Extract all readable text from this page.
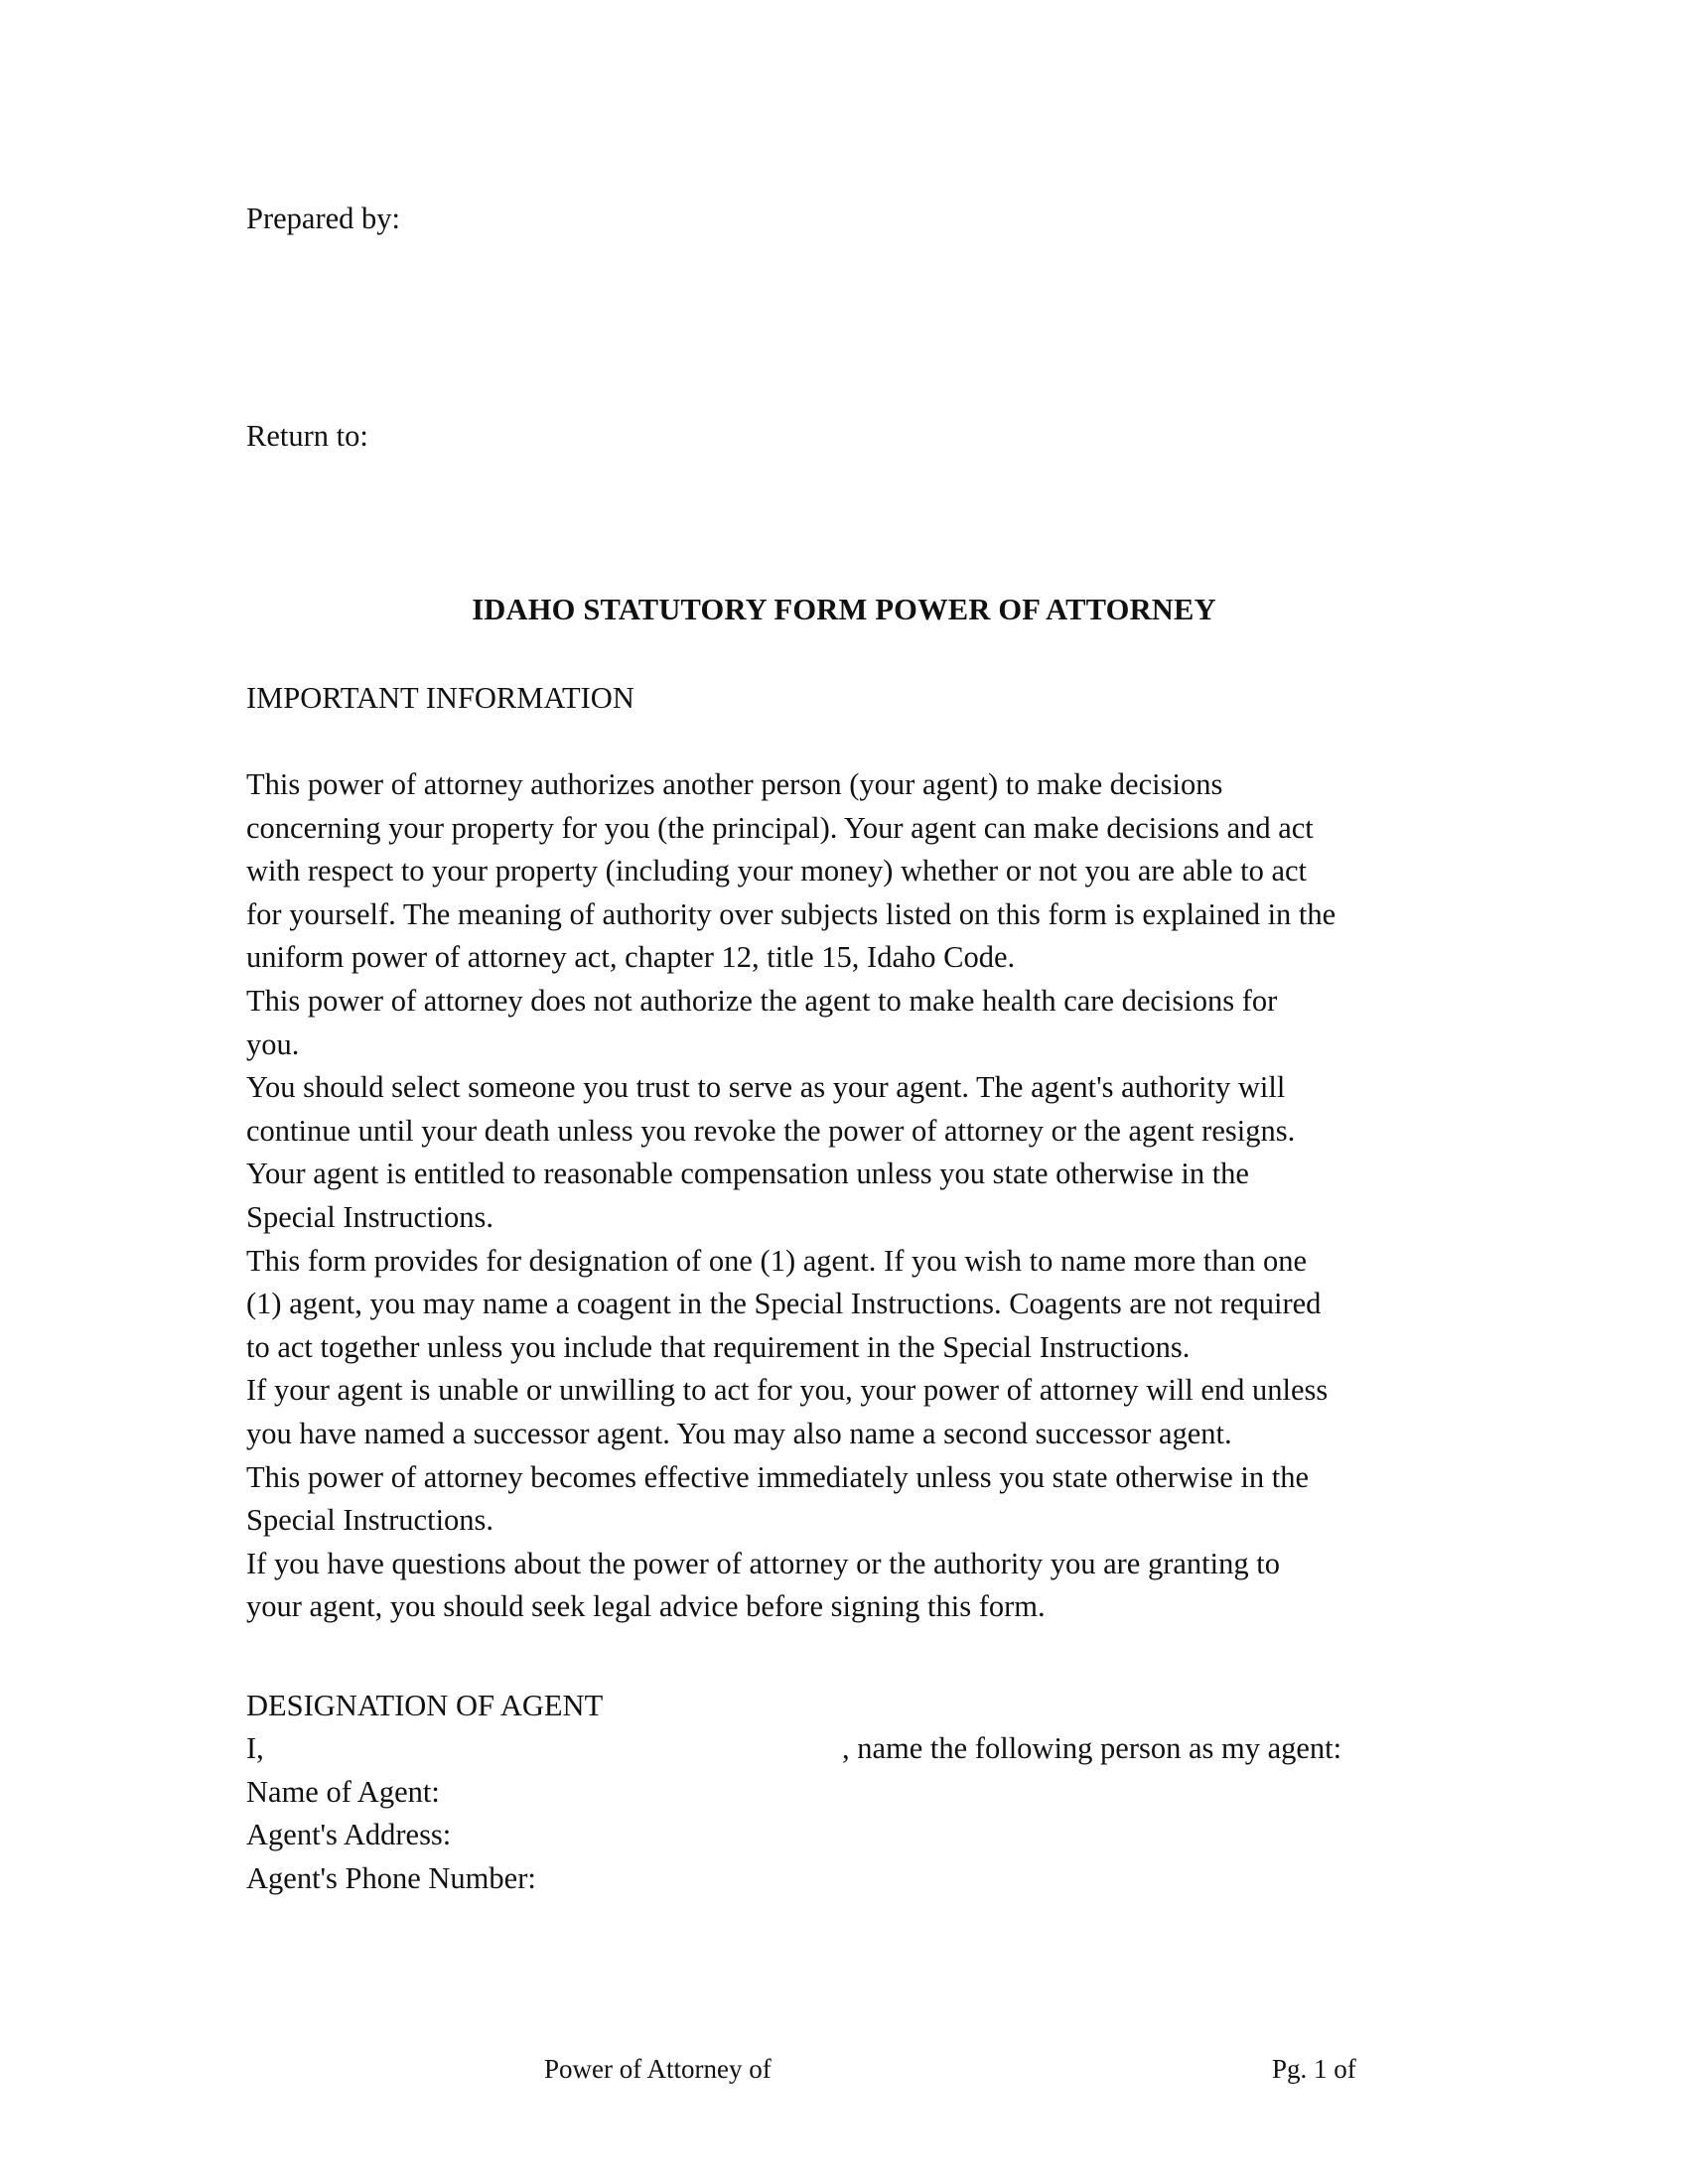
Prepared by:

Return to:

IDAHO STATUTORY FORM POWER OF ATTORNEY

IMPORTANT INFORMATION

This power of attorney authorizes another person (your agent) to make decisions
concerning your property for you (the principal). Your agent can make decisions and act
with respect to your property (including your money) whether or not you are able to act
for yourself. The meaning of authority over subjects listed on this form is explained in the
uniform power of attorney act, chapter 12, title 15, Idaho Code.
This power of attorney does not authorize the agent to make health care decisions for
you.
You should select someone you trust to serve as your agent. The agent's authority will
continue until your death unless you revoke the power of attorney or the agent resigns.
Your agent is entitled to reasonable compensation unless you state otherwise in the
Special Instructions.
This form provides for designation of one (1) agent. If you wish to name more than one
(1) agent, you may name a coagent in the Special Instructions. Coagents are not required
to act together unless you include that requirement in the Special Instructions.
If your agent is unable or unwilling to act for you, your power of attorney will end unless
you have named a successor agent. You may also name a second successor agent.
This power of attorney becomes effective immediately unless you state otherwise in the
Special Instructions.
If you have questions about the power of attorney or the authority you are granting to
your agent, you should seek legal advice before signing this form.

DESIGNATION OF AGENT

I,	, name the following person as my agent:

Name of Agent:

Agent's Address:

Agent's Phone Number:

Power of Attorney of	Pg. 1 of
